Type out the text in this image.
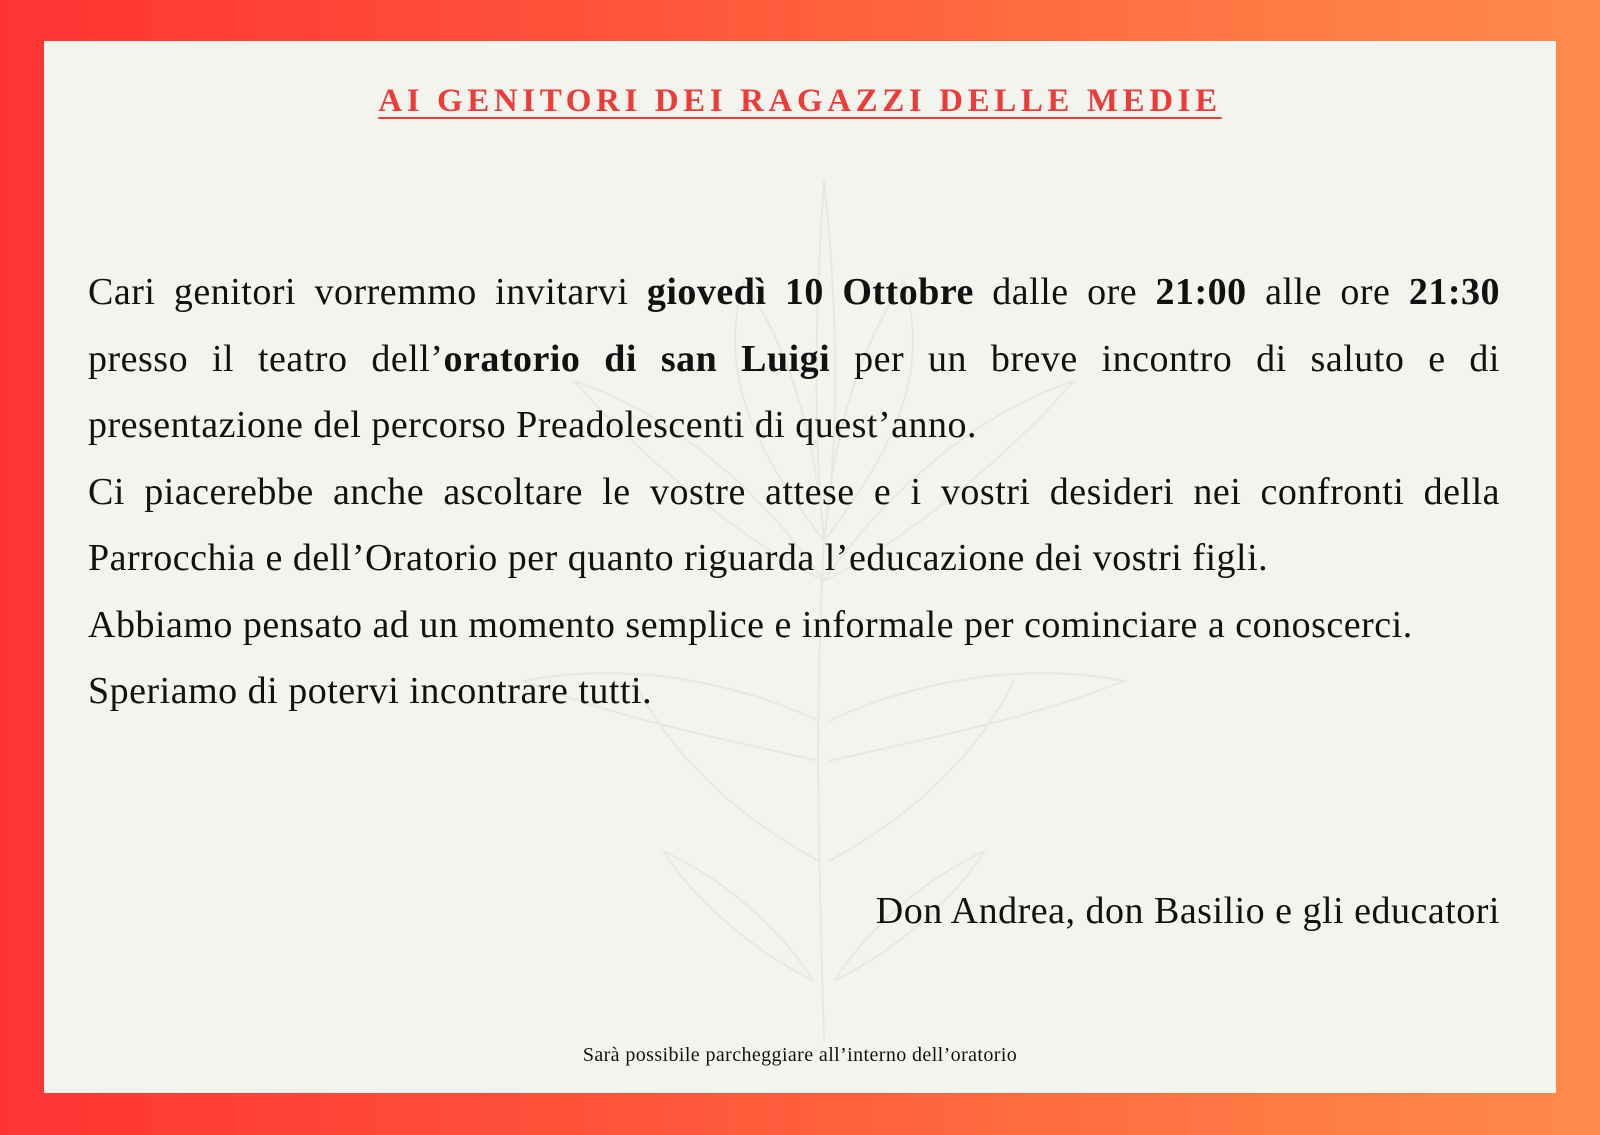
AI GENITORI DEI RAGAZZI DELLE MEDIE

Cari genitori vorremmo invitarvi giovedì 10 Ottobre dalle ore 21:00 alle ore 21:30 presso il teatro dell’oratorio di san Luigi per un breve incontro di saluto e di presentazione del percorso Preadolescenti di quest’anno.

Ci piacerebbe anche ascoltare le vostre attese e i vostri desideri nei confronti della Parrocchia e dell’Oratorio per quanto riguarda l’educazione dei vostri figli.

Abbiamo pensato ad un momento semplice e informale per cominciare a conoscerci.

Speriamo di potervi incontrare tutti.

Don Andrea, don Basilio e gli educatori

Sarà possibile parcheggiare all’interno dell’oratorio
